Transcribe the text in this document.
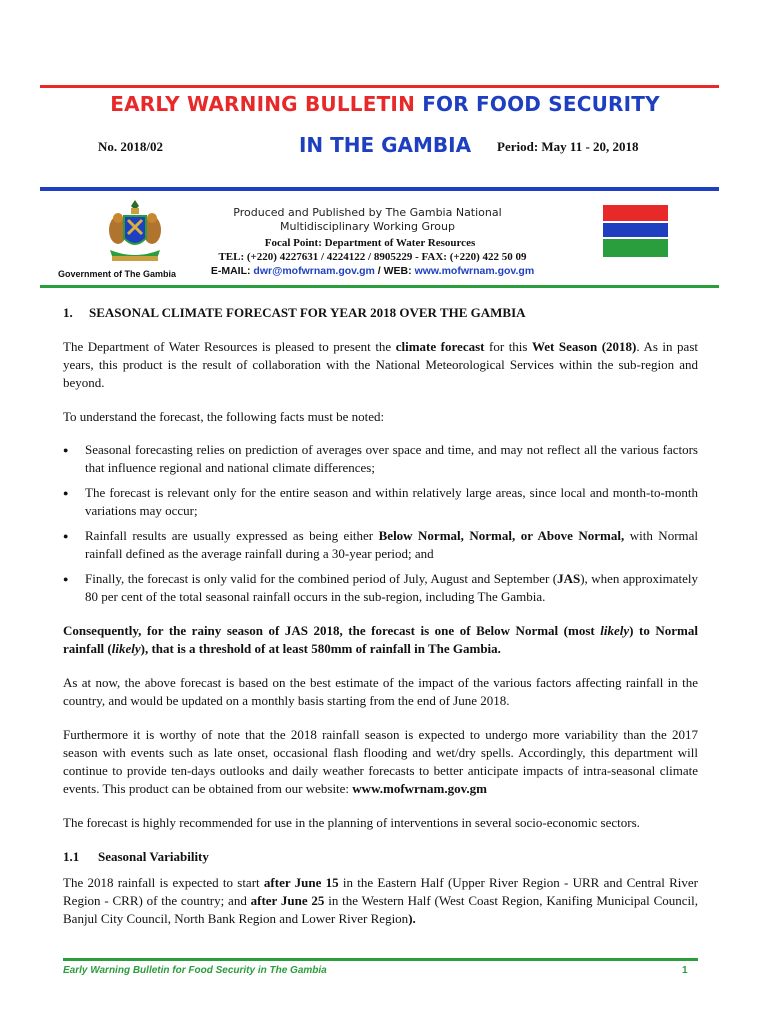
EARLY WARNING BULLETIN FOR FOOD SECURITY
IN THE GAMBIA
No. 2018/02	Period: May 11 - 20, 2018
Government of The Gambia
Produced and Published by The Gambia National
Multidisciplinary Working Group
Focal Point: Department of Water Resources
TEL: (+220) 4227631 / 4224122 / 8905229 - FAX: (+220) 422 50 09
E-MAIL: dwr@mofwrnam.gov.gm / WEB: www.mofwrnam.gov.gm

1. SEASONAL CLIMATE FORECAST FOR YEAR 2018 OVER THE GAMBIA

The Department of Water Resources is pleased to present the climate forecast for this Wet Season (2018). As in past years, this product is the result of collaboration with the National Meteorological Services within the sub-region and beyond.

To understand the forecast, the following facts must be noted:

● Seasonal forecasting relies on prediction of averages over space and time, and may not reflect all the various factors that influence regional and national climate differences;
● The forecast is relevant only for the entire season and within relatively large areas, since local and month-to-month variations may occur;
● Rainfall results are usually expressed as being either Below Normal, Normal, or Above Normal, with Normal rainfall defined as the average rainfall during a 30-year period; and
● Finally, the forecast is only valid for the combined period of July, August and September (JAS), when approximately 80 per cent of the total seasonal rainfall occurs in the sub-region, including The Gambia.

Consequently, for the rainy season of JAS 2018, the forecast is one of Below Normal (most likely) to Normal rainfall (likely), that is a threshold of at least 580mm of rainfall in The Gambia.

As at now, the above forecast is based on the best estimate of the impact of the various factors affecting rainfall in the country, and would be updated on a monthly basis starting from the end of June 2018.

Furthermore it is worthy of note that the 2018 rainfall season is expected to undergo more variability than the 2017 season with events such as late onset, occasional flash flooding and wet/dry spells. Accordingly, this department will continue to provide ten-days outlooks and daily weather forecasts to better anticipate impacts of intra-seasonal climate events. This product can be obtained from our website: www.mofwrnam.gov.gm

The forecast is highly recommended for use in the planning of interventions in several socio-economic sectors.

1.1 Seasonal Variability

The 2018 rainfall is expected to start after June 15 in the Eastern Half (Upper River Region - URR and Central River Region - CRR) of the country; and after June 25 in the Western Half (West Coast Region, Kanifing Municipal Council, Banjul City Council, North Bank Region and Lower River Region).

Early Warning Bulletin for Food Security in The Gambia	1
